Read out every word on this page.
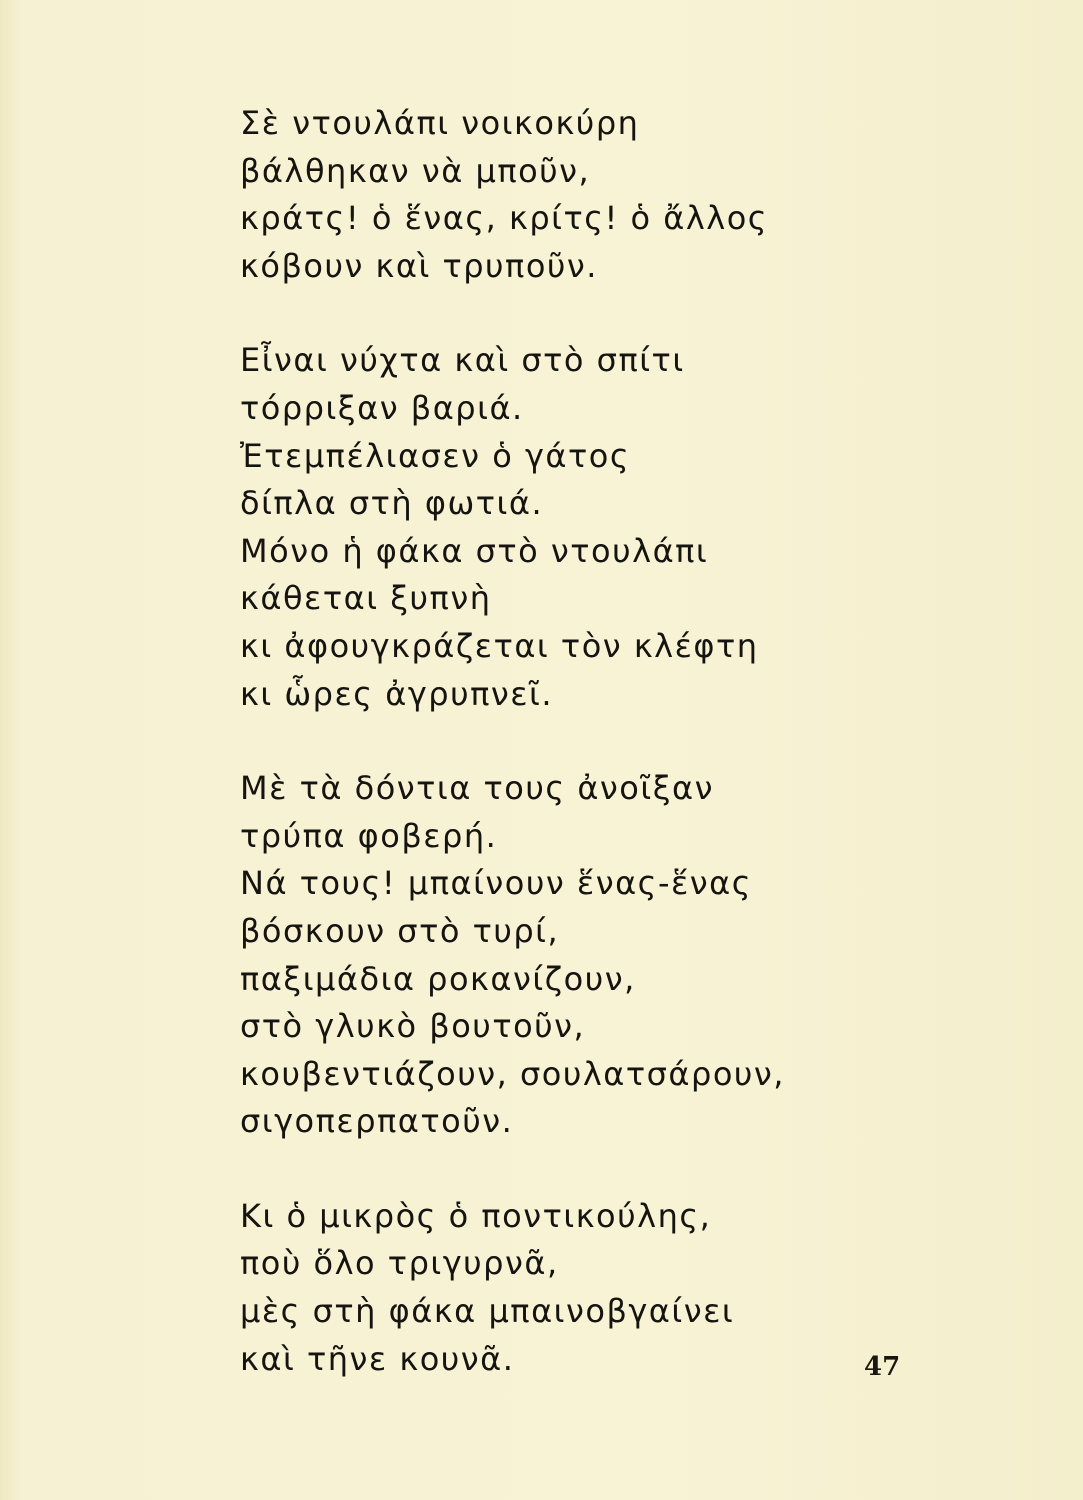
Σὲ ντουλάπι νοικοκύρη
βάλθηκαν νὰ μποῦν,
κράτς! ὁ ἕνας, κρίτς! ὁ ἄλλος
κόβουν καὶ τρυποῦν.
Εἶναι νύχτα καὶ στὸ σπίτι
τόρριξαν βαριά.
Ἐτεμπέλιασεν ὁ γάτος
δίπλα στὴ φωτιά.
Μόνο ἡ φάκα στὸ ντουλάπι
κάθεται ξυπνὴ
κι ἀφουγκράζεται τὸν κλέφτη
κι ὧρες ἀγρυπνεῖ.
Μὲ τὰ δόντια τους ἀνοῖξαν
τρύπα φοβερή.
Νά τους! μπαίνουν ἕνας-ἕνας
βόσκουν στὸ τυρί,
παξιμάδια ροκανίζουν,
στὸ γλυκὸ βουτοῦν,
κουβεντιάζουν, σουλατσάρουν,
σιγοπερπατοῦν.
Κι ὁ μικρὸς ὁ ποντικούλης,
ποὺ ὅλο τριγυρνᾶ,
μὲς στὴ φάκα μπαινοβγαίνει
καὶ τῆνε κουνᾶ.	47
